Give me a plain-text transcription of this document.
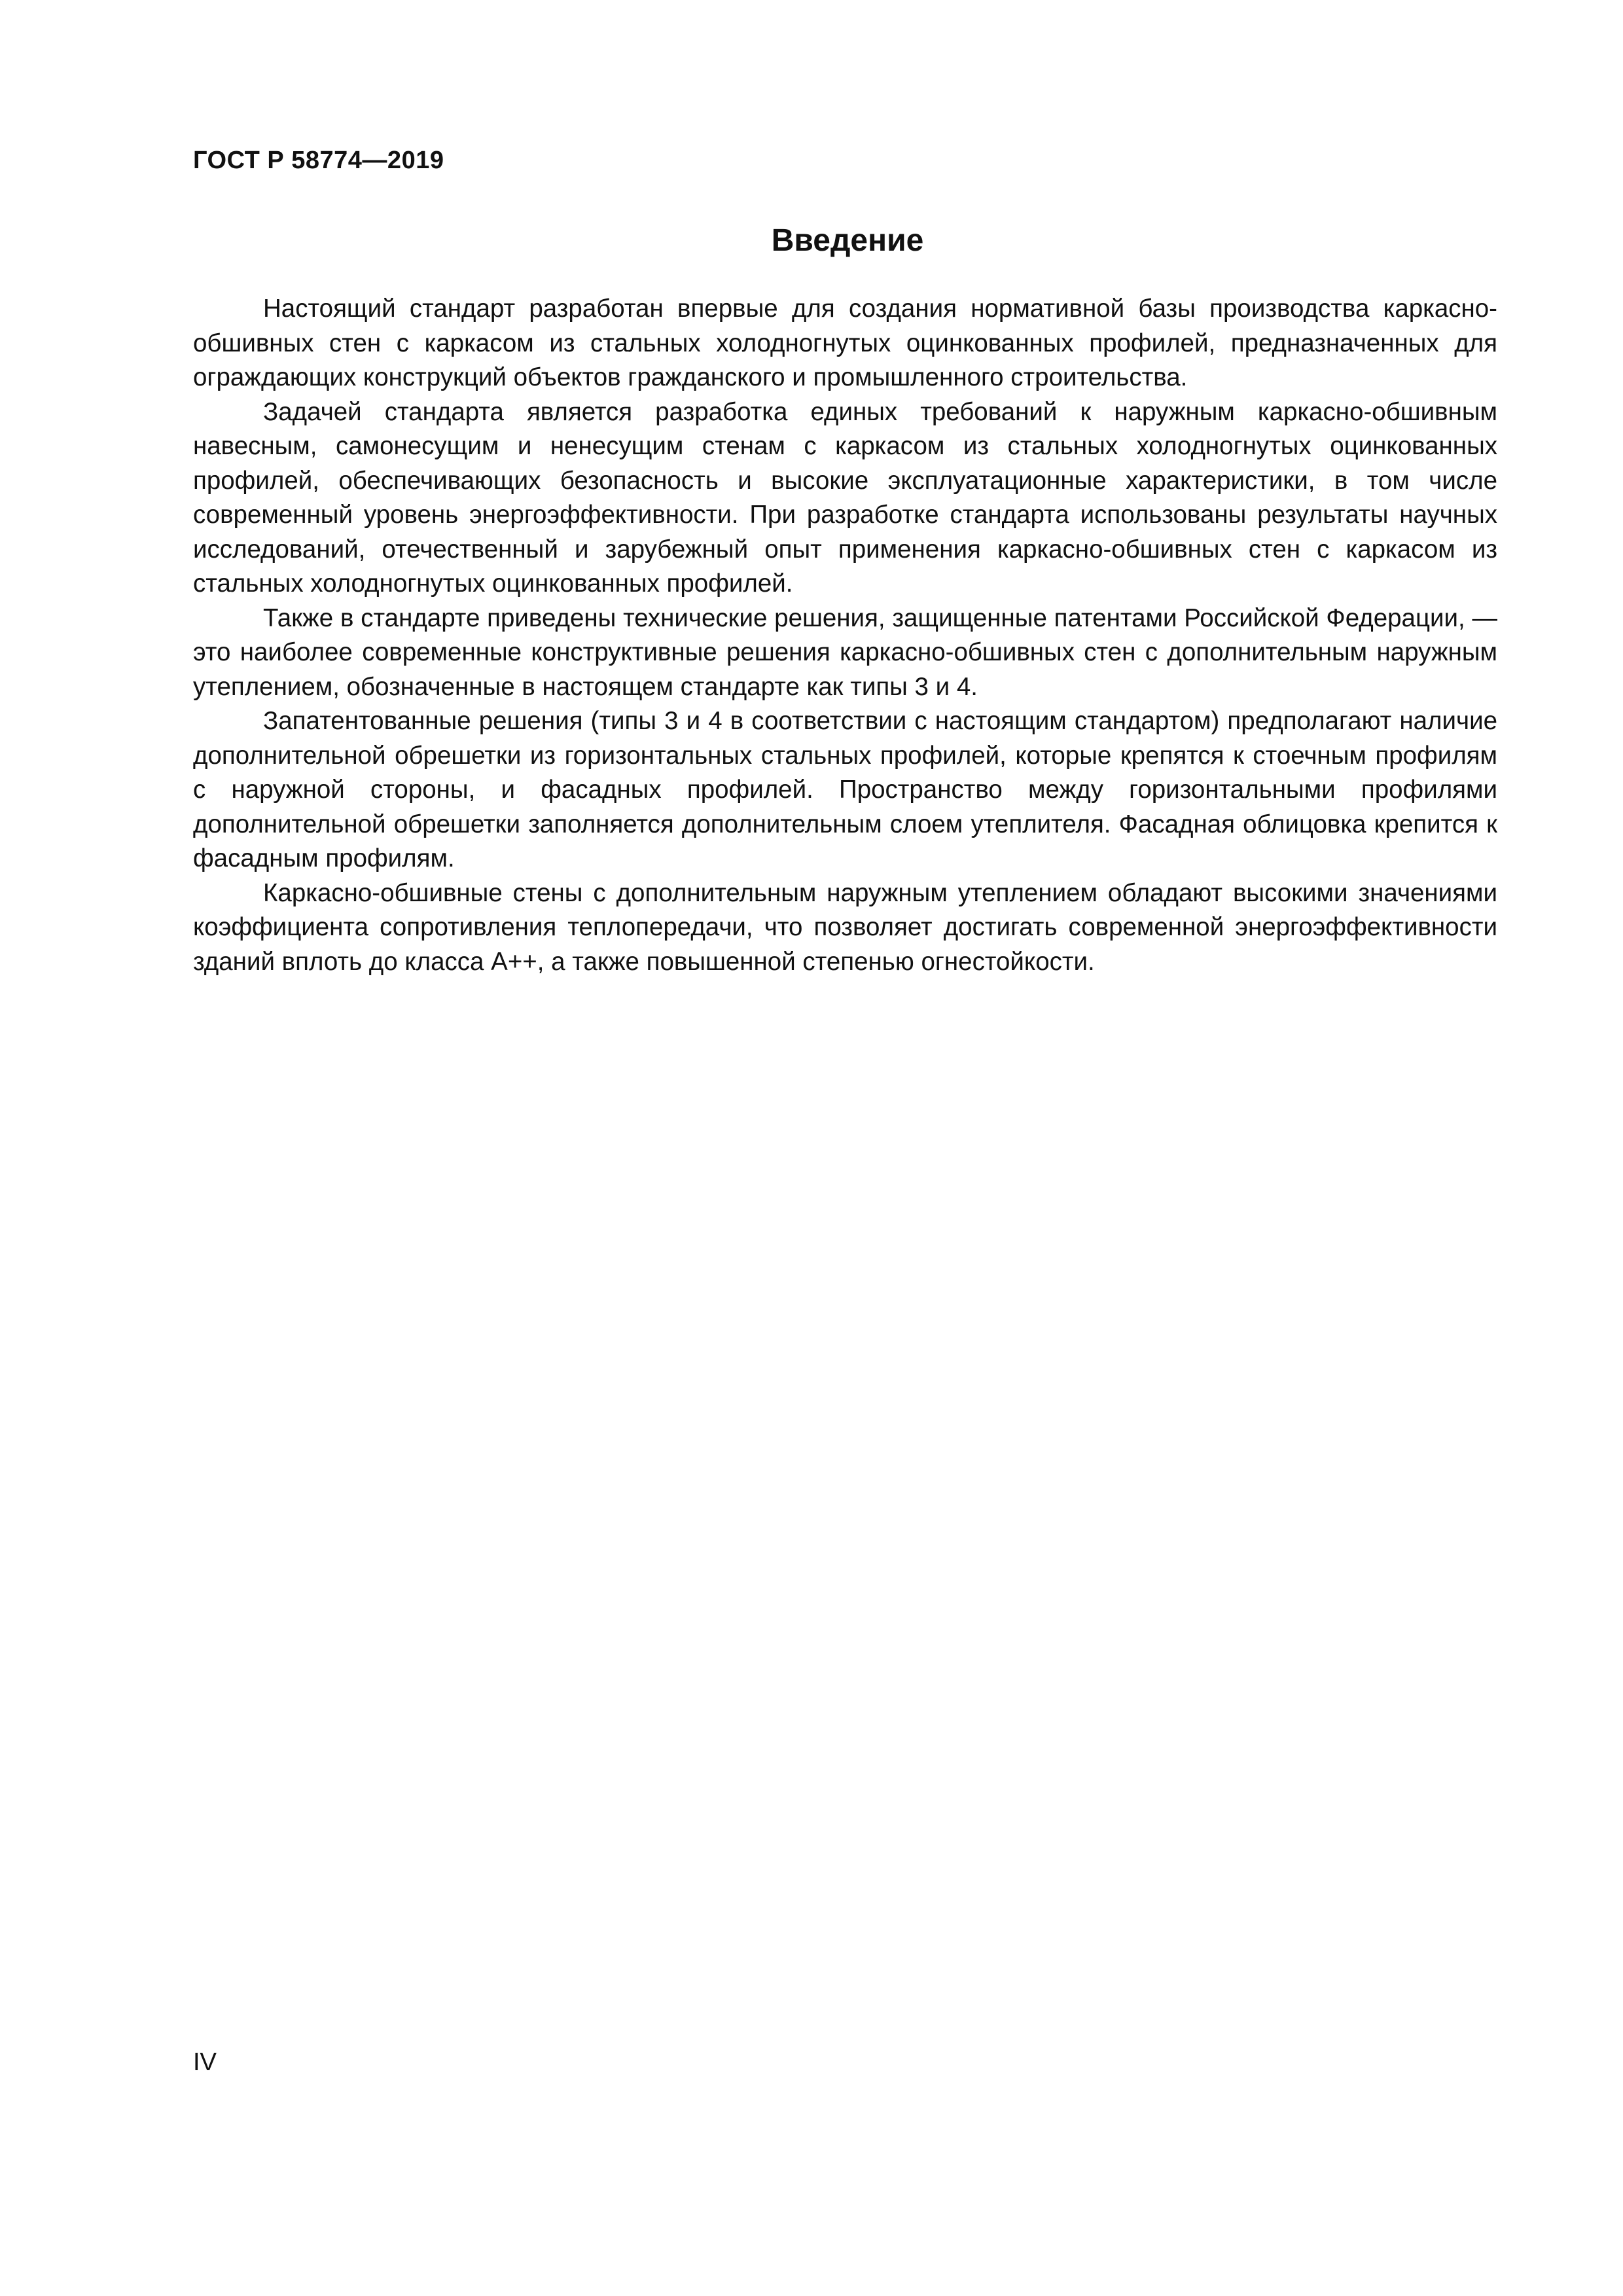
ГОСТ Р 58774—2019
Введение

Настоящий стандарт разработан впервые для создания нормативной базы производства каркасно-обшивных стен с каркасом из стальных холодногнутых оцинкованных профилей, предназначенных для ограждающих конструкций объектов гражданского и промышленного строительства.

Задачей стандарта является разработка единых требований к наружным каркасно-обшивным навесным, самонесущим и ненесущим стенам с каркасом из стальных холодногнутых оцинкованных профилей, обеспечивающих безопасность и высокие эксплуатационные характеристики, в том числе современный уровень энергоэффективности. При разработке стандарта использованы результаты научных исследований, отечественный и зарубежный опыт применения каркасно-обшивных стен с каркасом из стальных холодногнутых оцинкованных профилей.

Также в стандарте приведены технические решения, защищенные патентами Российской Федерации, — это наиболее современные конструктивные решения каркасно-обшивных стен с дополнительным наружным утеплением, обозначенные в настоящем стандарте как типы 3 и 4.

Запатентованные решения (типы 3 и 4 в соответствии с настоящим стандартом) предполагают наличие дополнительной обрешетки из горизонтальных стальных профилей, которые крепятся к стоечным профилям с наружной стороны, и фасадных профилей. Пространство между горизонтальными профилями дополнительной обрешетки заполняется дополнительным слоем утеплителя. Фасадная облицовка крепится к фасадным профилям.

Каркасно-обшивные стены с дополнительным наружным утеплением обладают высокими значениями коэффициента сопротивления теплопередачи, что позволяет достигать современной энергоэффективности зданий вплоть до класса А++, а также повышенной степенью огнестойкости.

IV
